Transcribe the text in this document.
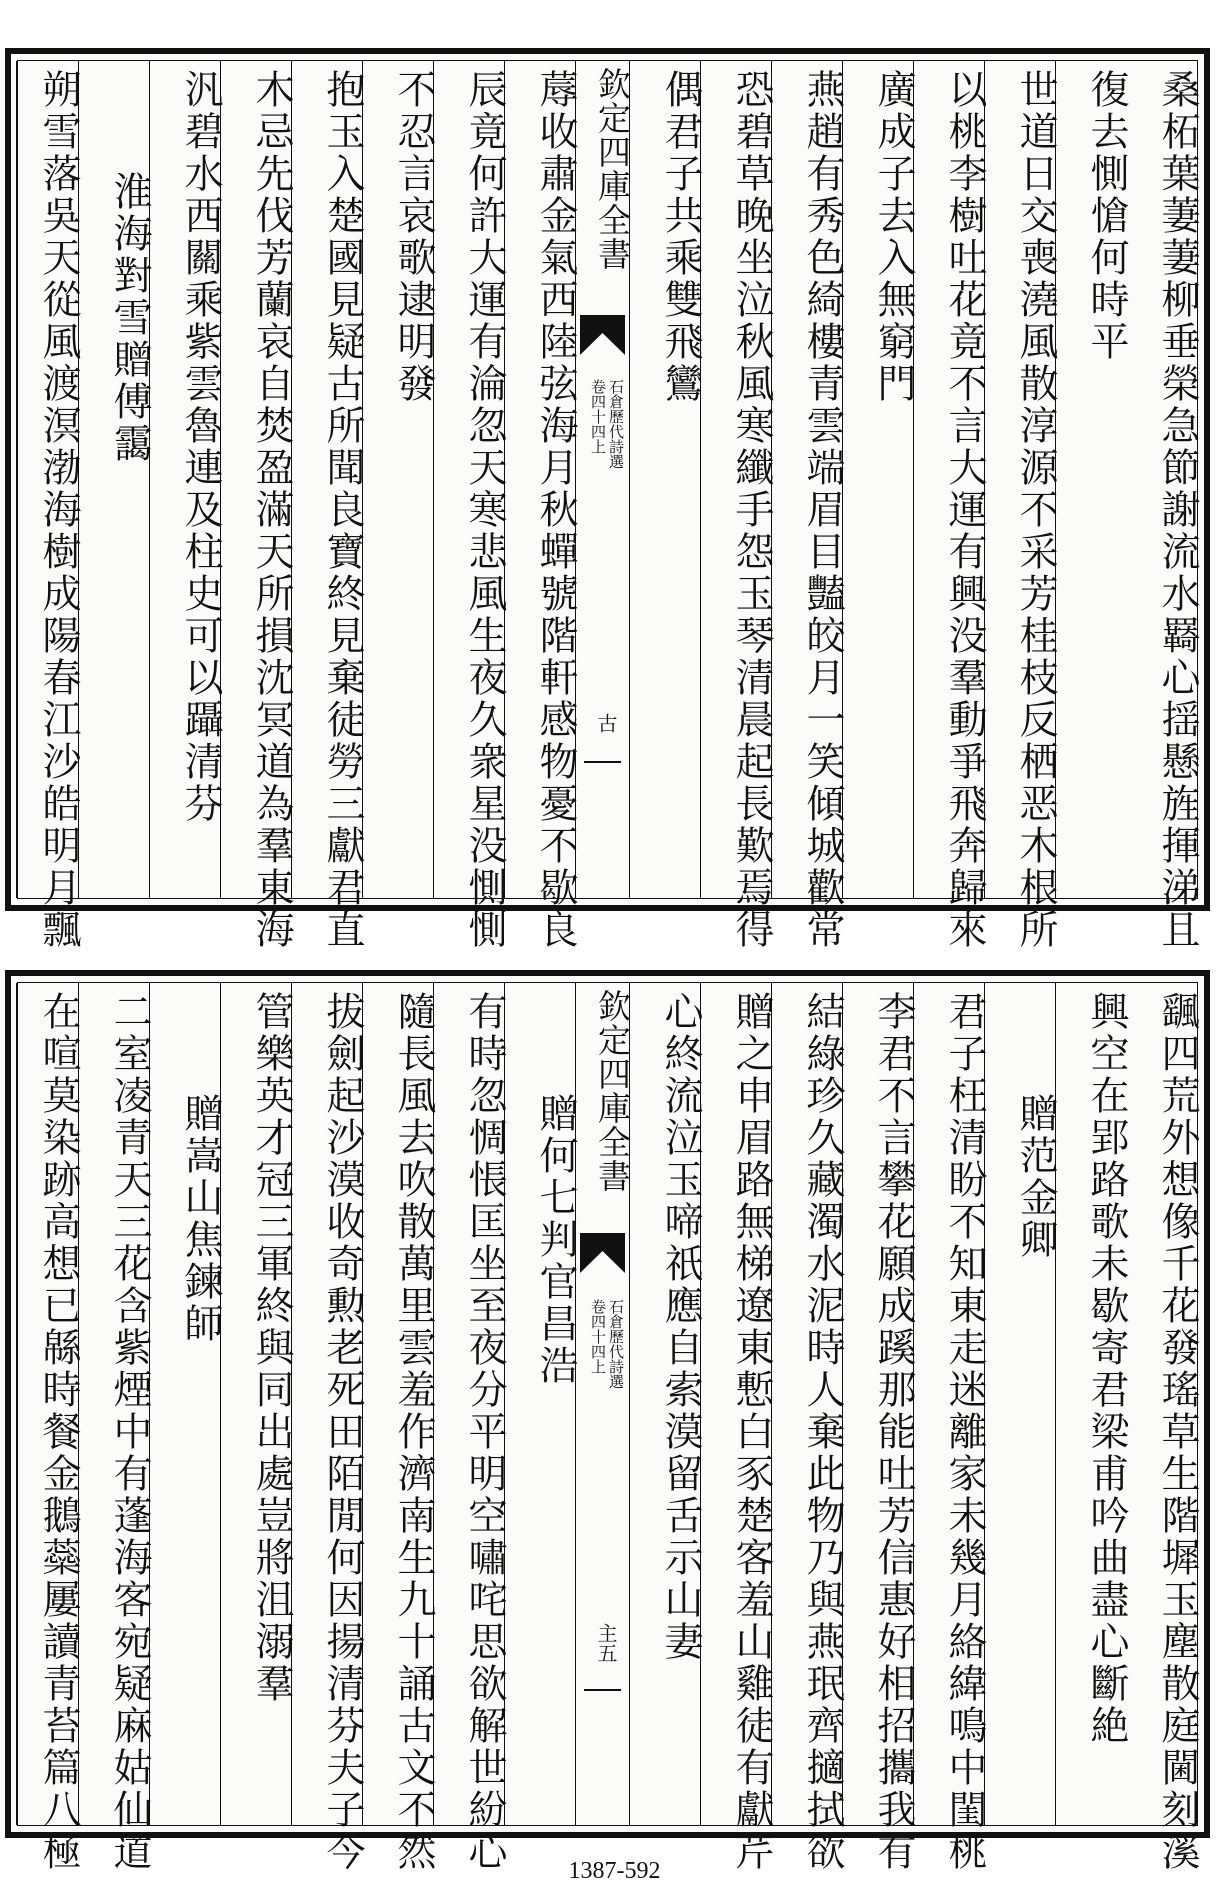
桑柘葉萋萋柳垂榮急節謝流水羇心揺懸旌揮涕且
復去惻愴何時平
世道日交喪澆風散淳源不采芳桂枝反栖恶木根所
以桃李樹吐花竟不言大運有興没羣動爭飛奔歸來
廣成子去入無窮門
燕趙有秀色綺樓青雲端眉目豔皎月一笑傾城歡常
恐碧草晚坐泣秋風寒纖手怨玉琴清晨起長歎焉得
偶君子共乘雙飛鸞
欽定四庫全書
石倉歷代詩選
卷四十四上
古
蓐收肅金氣西陸弦海月秋蟬號階軒感物憂不歇良
辰竟何許大運有淪忽天寒悲風生夜久衆星没惻惻
不忍言哀歌逮明發
抱玉入楚國見疑古所聞良寶終見棄徒勞三獻君直
木忌先伐芳蘭哀自焚盈滿天所損沈冥道為羣東海
汎碧水西關乘紫雲魯連及柱史可以躡清芬
淮海對雪贈傅靄
朔雪落吳天從風渡溟渤海樹成陽春江沙皓明月飄
颻四荒外想像千花發瑤草生階墀玉塵散庭閫刻溪
興空在郢路歌未歇寄君梁甫吟曲盡心斷絶
贈范金卿
君子枉清盼不知東走迷離家未幾月絡緯鳴中閨桃
李君不言攀花願成蹊那能吐芳信惠好相招攜我有
結綠珍久藏濁水泥時人棄此物乃與燕珉齊擿拭欲
贈之申眉路無梯遼東慙白豕楚客羞山雞徒有獻芹
心終流泣玉啼祇應自索漠留舌示山妻
欽定四庫全書
石倉歷代詩選
卷四十四上
主五
贈何七判官昌浩
有時忽惆悵匡坐至夜分平明空嘯咤思欲解世紛心
隨長風去吹散萬里雲羞作濟南生九十誦古文不然
拔劍起沙漠收奇勲老死田陌閒何因揚清芬夫子今
管樂英才冠三軍終與同出處豈將沮溺羣
贈嵩山焦鍊師
二室凌青天三花含紫煙中有蓬海客宛疑麻姑仙道
在喧莫染跡高想已緜時餐金鵝蘂屢讀青苔篇八極	1387-592
